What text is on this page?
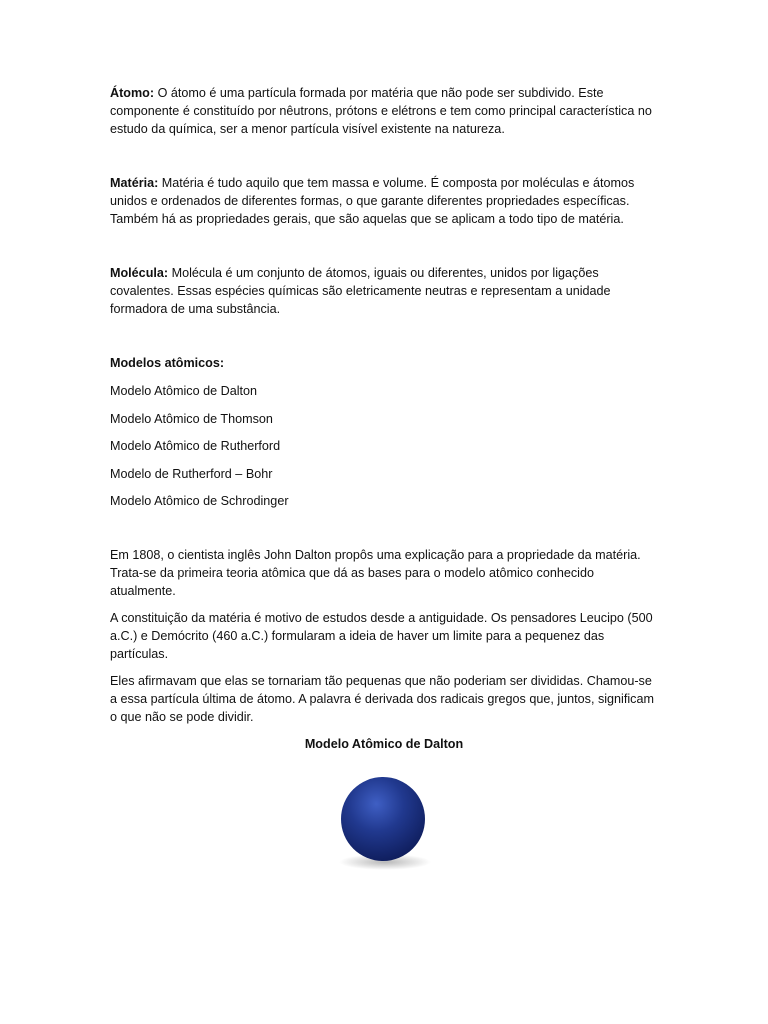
Átomo: O átomo é uma partícula formada por matéria que não pode ser subdivido. Este componente é constituído por nêutrons, prótons e elétrons e tem como principal característica no estudo da química, ser a menor partícula visível existente na natureza.

Matéria: Matéria é tudo aquilo que tem massa e volume. É composta por moléculas e átomos unidos e ordenados de diferentes formas, o que garante diferentes propriedades específicas. Também há as propriedades gerais, que são aquelas que se aplicam a todo tipo de matéria.

Molécula: Molécula é um conjunto de átomos, iguais ou diferentes, unidos por ligações covalentes. Essas espécies químicas são eletricamente neutras e representam a unidade formadora de uma substância.

Modelos atômicos:

Modelo Atômico de Dalton

Modelo Atômico de Thomson

Modelo Atômico de Rutherford

Modelo de Rutherford – Bohr

Modelo Atômico de Schrodinger

Em 1808, o cientista inglês John Dalton propôs uma explicação para a propriedade da matéria. Trata-se da primeira teoria atômica que dá as bases para o modelo atômico conhecido atualmente.

A constituição da matéria é motivo de estudos desde a antiguidade. Os pensadores Leucipo (500 a.C.) e Demócrito (460 a.C.) formularam a ideia de haver um limite para a pequenez das partículas.

Eles afirmavam que elas se tornariam tão pequenas que não poderiam ser divididas. Chamou-se a essa partícula última de átomo. A palavra é derivada dos radicais gregos que, juntos, significam o que não se pode dividir.

Modelo Atômico de Dalton
